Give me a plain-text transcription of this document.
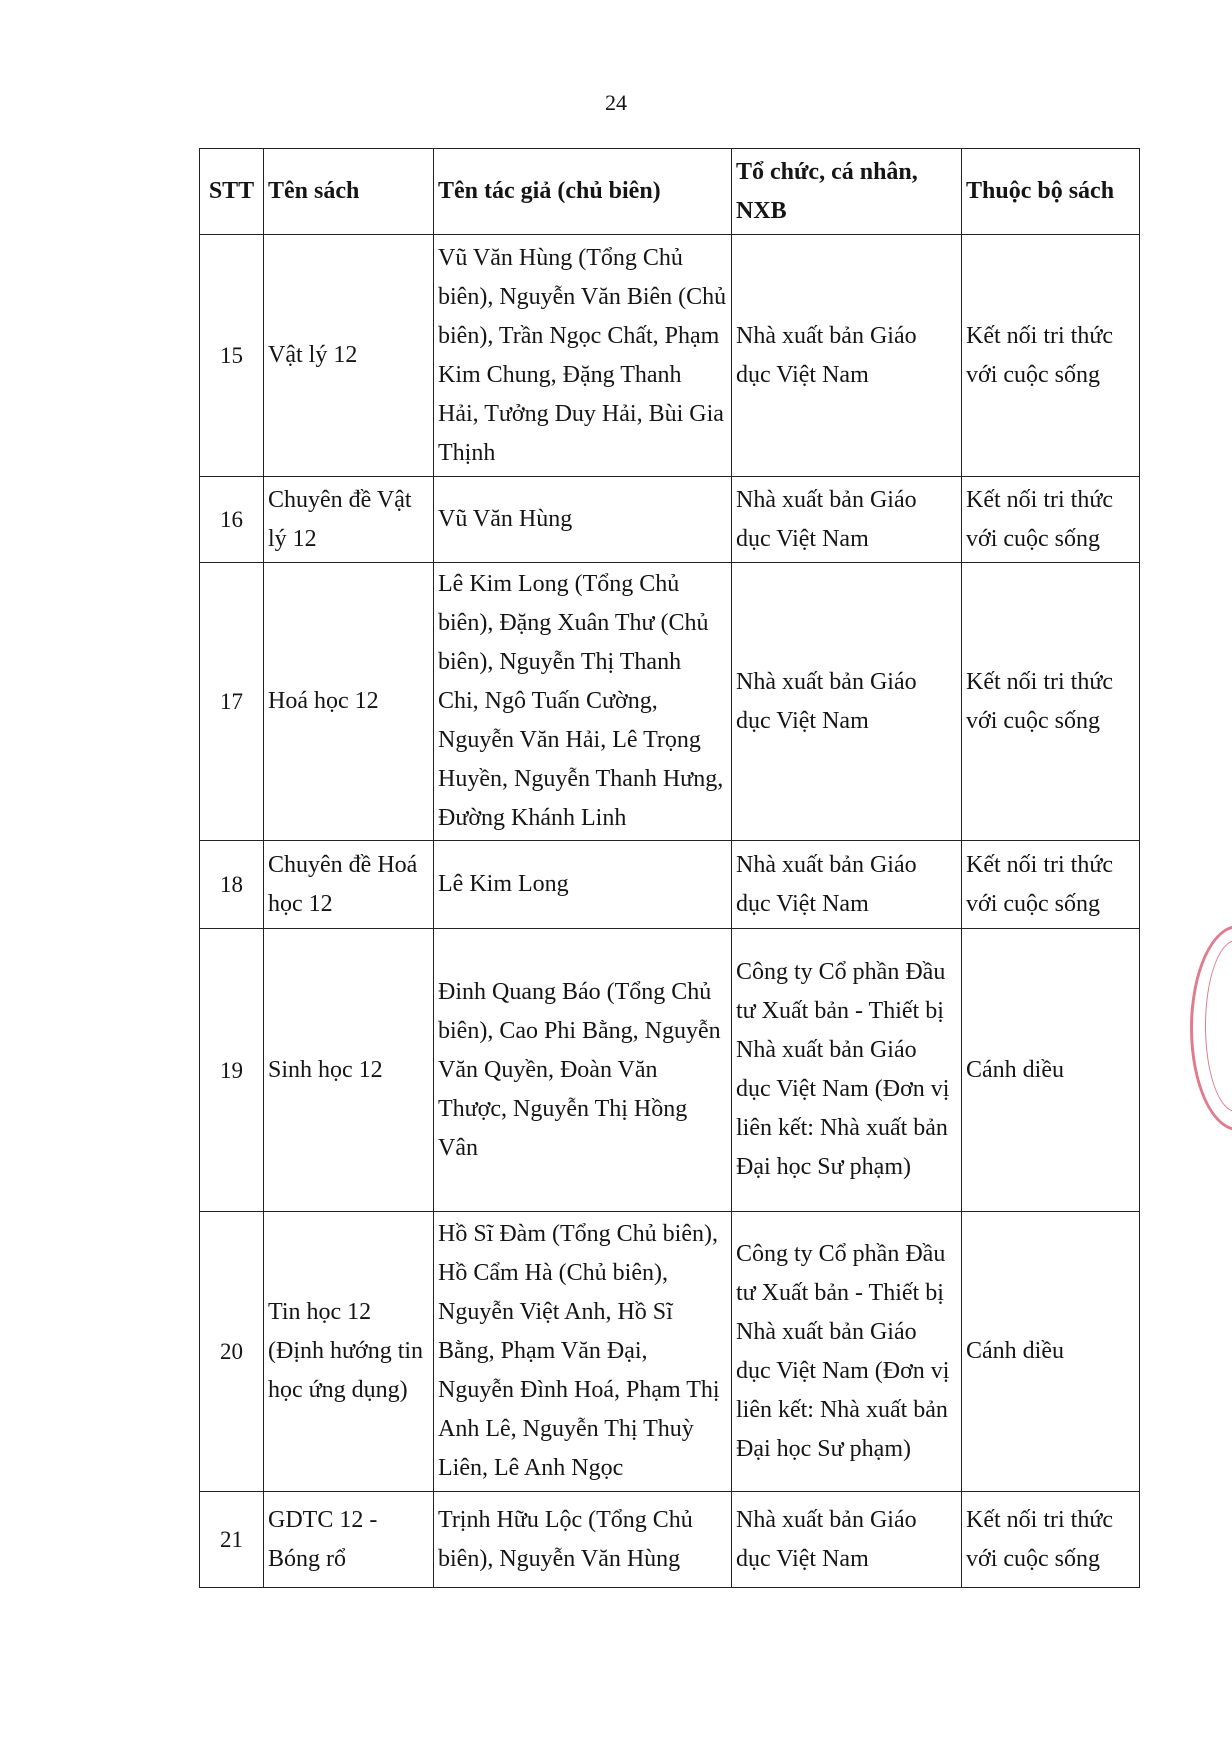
24
STT	Tên sách	Tên tác giả (chủ biên)	Tổ chức, cá nhân, NXB	Thuộc bộ sách
15	Vật lý 12	Vũ Văn Hùng (Tổng Chủ biên), Nguyễn Văn Biên (Chủ biên), Trần Ngọc Chất, Phạm Kim Chung, Đặng Thanh Hải, Tưởng Duy Hải, Bùi Gia Thịnh	Nhà xuất bản Giáo dục Việt Nam	Kết nối tri thức với cuộc sống
16	Chuyên đề Vật lý 12	Vũ Văn Hùng	Nhà xuất bản Giáo dục Việt Nam	Kết nối tri thức với cuộc sống
17	Hoá học 12	Lê Kim Long (Tổng Chủ biên), Đặng Xuân Thư (Chủ biên), Nguyễn Thị Thanh Chi, Ngô Tuấn Cường, Nguyễn Văn Hải, Lê Trọng Huyền, Nguyễn Thanh Hưng, Đường Khánh Linh	Nhà xuất bản Giáo dục Việt Nam	Kết nối tri thức với cuộc sống
18	Chuyên đề Hoá học 12	Lê Kim Long	Nhà xuất bản Giáo dục Việt Nam	Kết nối tri thức với cuộc sống
19	Sinh học 12	Đinh Quang Báo (Tổng Chủ biên), Cao Phi Bằng, Nguyễn Văn Quyền, Đoàn Văn Thược, Nguyễn Thị Hồng Vân	Công ty Cổ phần Đầu tư Xuất bản - Thiết bị Nhà xuất bản Giáo dục Việt Nam (Đơn vị liên kết: Nhà xuất bản Đại học Sư phạm)	Cánh diều
20	Tin học 12 (Định hướng tin học ứng dụng)	Hồ Sĩ Đàm (Tổng Chủ biên), Hồ Cẩm Hà (Chủ biên), Nguyễn Việt Anh, Hồ Sĩ Bằng, Phạm Văn Đại, Nguyễn Đình Hoá, Phạm Thị Anh Lê, Nguyễn Thị Thuỳ Liên, Lê Anh Ngọc	Công ty Cổ phần Đầu tư Xuất bản - Thiết bị Nhà xuất bản Giáo dục Việt Nam (Đơn vị liên kết: Nhà xuất bản Đại học Sư phạm)	Cánh diều
21	GDTC 12 - Bóng rổ	Trịnh Hữu Lộc (Tổng Chủ biên), Nguyễn Văn Hùng	Nhà xuất bản Giáo dục Việt Nam	Kết nối tri thức với cuộc sống
